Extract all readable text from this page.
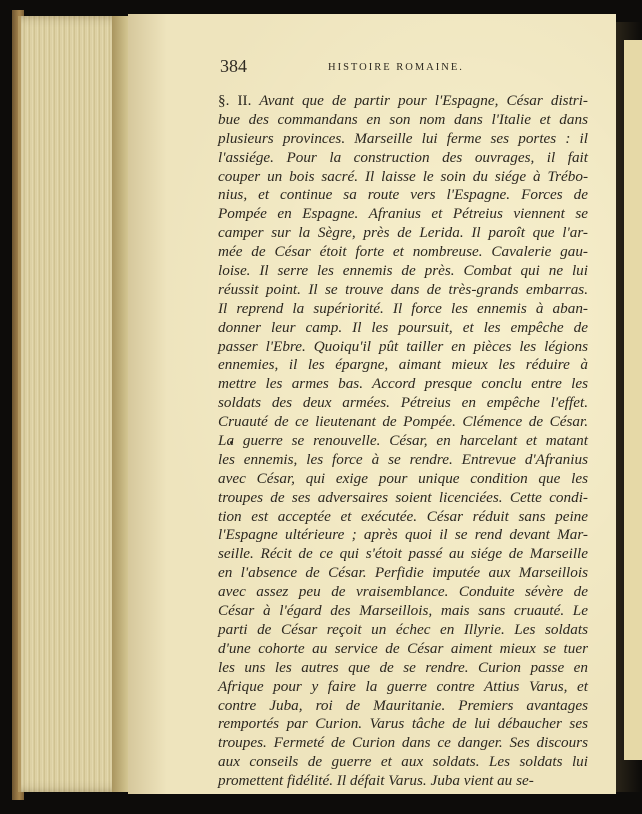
384	HISTOIRE ROMAINE.
§. II. Avant que de partir pour l'Espagne, César distri-
bue des commandans en son nom dans l'Italie et dans
plusieurs provinces. Marseille lui ferme ses portes : il
l'assiége. Pour la construction des ouvrages, il fait
couper un bois sacré. Il laisse le soin du siége à Trébo-
nius, et continue sa route vers l'Espagne. Forces de
Pompée en Espagne. Afranius et Pétreius viennent se
camper sur la Sègre, près de Lerida. Il paroît que l'ar-
mée de César étoit forte et nombreuse. Cavalerie gau-
loise. Il serre les ennemis de près. Combat qui ne lui
réussit point. Il se trouve dans de très-grands embarras.
Il reprend la supériorité. Il force les ennemis à aban-
donner leur camp. Il les poursuit, et les empêche de
passer l'Ebre. Quoiqu'il pût tailler en pièces les légions
ennemies, il les épargne, aimant mieux les réduire à
mettre les armes bas. Accord presque conclu entre les
soldats des deux armées. Pétreius en empêche l'effet.
Cruauté de ce lieutenant de Pompée. Clémence de César.
La guerre se renouvelle. César, en harcelant et matant
les ennemis, les force à se rendre. Entrevue d'Afranius
avec César, qui exige pour unique condition que les
troupes de ses adversaires soient licenciées. Cette condi-
tion est acceptée et exécutée. César réduit sans peine
l'Espagne ultérieure ; après quoi il se rend devant Mar-
seille. Récit de ce qui s'étoit passé au siége de Marseille
en l'absence de César. Perfidie imputée aux Marseillois
avec assez peu de vraisemblance. Conduite sévère de
César à l'égard des Marseillois, mais sans cruauté. Le
parti de César reçoit un échec en Illyrie. Les soldats
d'une cohorte au service de César aiment mieux se tuer
les uns les autres que de se rendre. Curion passe en
Afrique pour y faire la guerre contre Attius Varus, et
contre Juba, roi de Mauritanie. Premiers avantages
remportés par Curion. Varus tâche de lui débaucher ses
troupes. Fermeté de Curion dans ce danger. Ses discours
aux conseils de guerre et aux soldats. Les soldats lui
promettent fidélité. Il défait Varus. Juba vient au se-
